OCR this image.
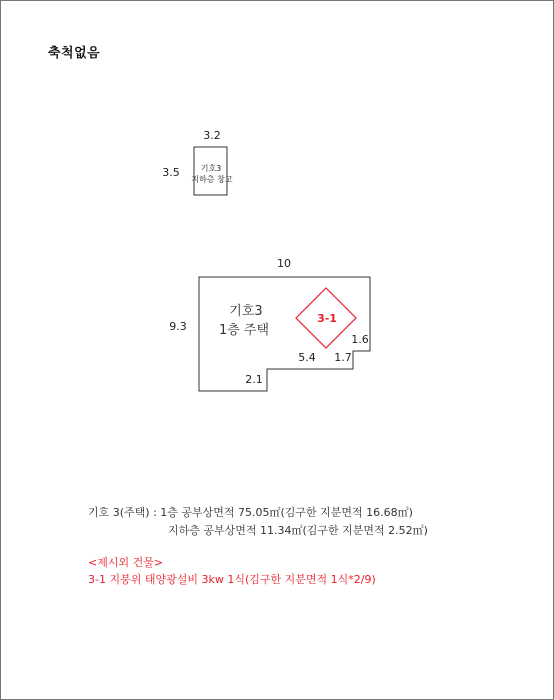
축척없음
3.2
3.5	기호3
지하층 창고
10
9.3
기호3
1층 주택
1.6
1.7
5.4
2.1
3-1
기호 3(주택) : 1층 공부상면적 75.05㎡(김구한 지분면적 16.68㎡)
지하층 공부상면적 11.34㎡(김구한 지분면적 2.52㎡)
<제시외 건물>
3-1 지붕위 태양광설비 3kw 1식(김구한 지분면적 1식*2/9)
